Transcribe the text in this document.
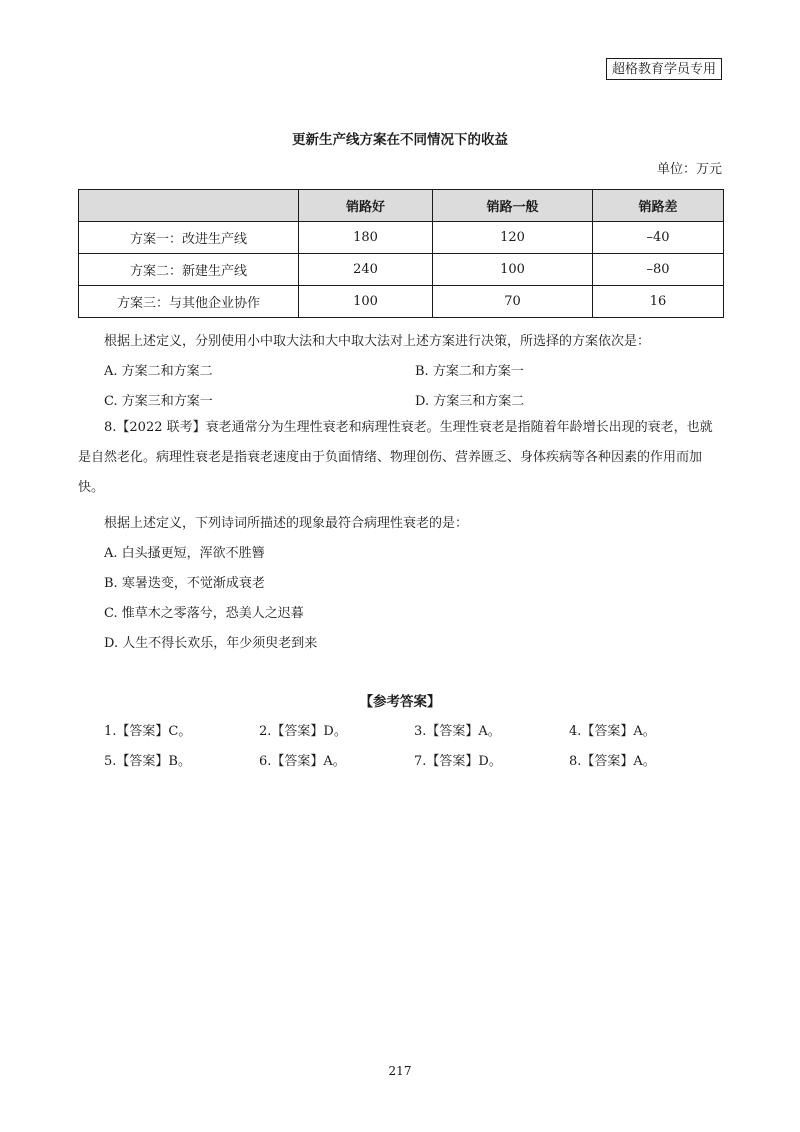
超格教育学员专用
更新生产线方案在不同情况下的收益
单位：万元
	销路好	销路一般	销路差
方案一：改进生产线	180	120	–40
方案二：新建生产线	240	100	–80
方案三：与其他企业协作	100	70	16
根据上述定义，分别使用小中取大法和大中取大法对上述方案进行决策，所选择的方案依次是：
A. 方案二和方案二	B. 方案二和方案一
C. 方案三和方案一	D. 方案三和方案二
8.【2022 联考】衰老通常分为生理性衰老和病理性衰老。生理性衰老是指随着年龄增长出现的衰老，也就是自然老化。病理性衰老是指衰老速度由于负面情绪、物理创伤、营养匮乏、身体疾病等各种因素的作用而加快。
根据上述定义，下列诗词所描述的现象最符合病理性衰老的是：
A. 白头搔更短，浑欲不胜簪
B. 寒暑迭变，不觉渐成衰老
C. 惟草木之零落兮，恐美人之迟暮
D. 人生不得长欢乐，年少须臾老到来
【参考答案】
1.【答案】C。	2.【答案】D。	3.【答案】A。	4.【答案】A。
5.【答案】B。	6.【答案】A。	7.【答案】D。	8.【答案】A。
217
